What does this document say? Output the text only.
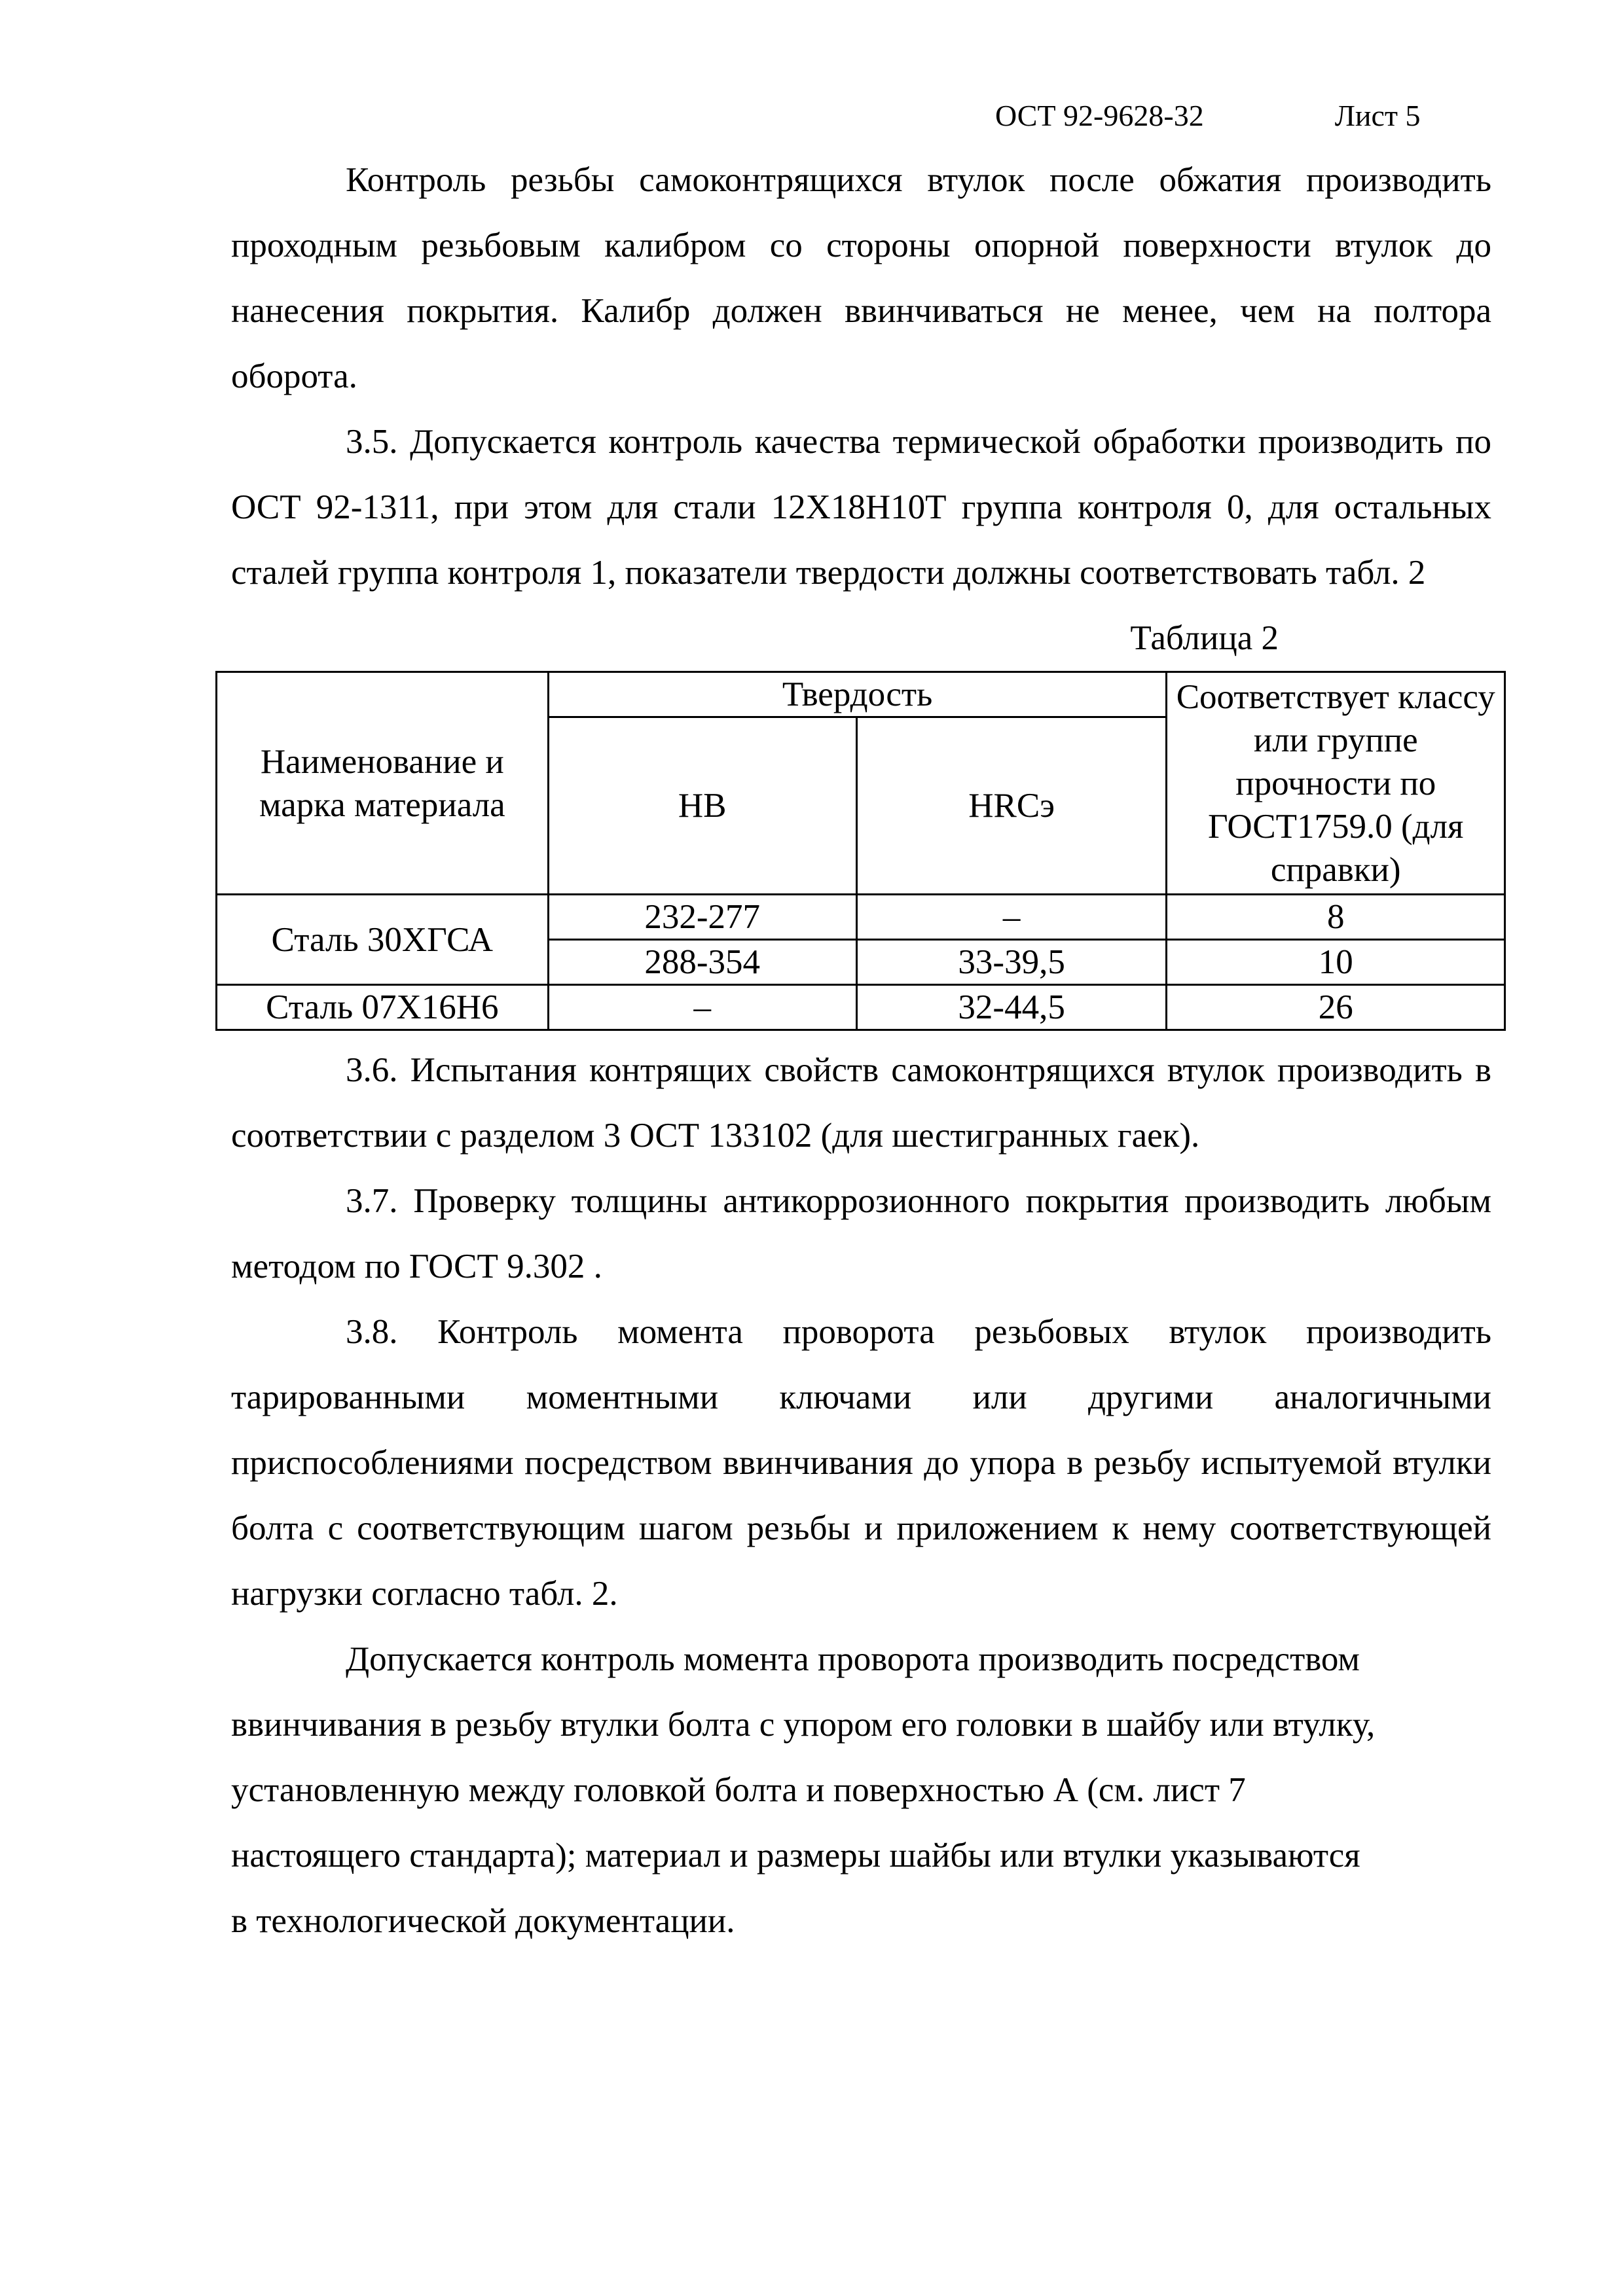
ОСТ 92-9628-32	Лист 5

Контроль резьбы самоконтрящихся втулок после обжатия производить проходным резьбовым калибром со стороны опорной поверхности втулок до нанесения покрытия. Калибр должен ввинчиваться не менее, чем на полтора оборота.

3.5. Допускается контроль качества термической обработки производить по ОСТ 92-1311, при этом для стали 12Х18Н10Т группа контроля 0, для остальных сталей группа контроля 1, показатели твердости должны соответствовать табл. 2

Таблица 2

Наименование и марка материала	Твердость		Соответствует классу или группе прочности по ГОСТ1759.0 (для справки)
	НВ	HRCэ	
Сталь 30ХГСА	232-277	–	8
	288-354	33-39,5	10
Сталь 07Х16Н6	–	32-44,5	26

3.6. Испытания контрящих свойств самоконтрящихся втулок производить в соответствии с разделом 3 ОСТ 133102 (для шестигранных гаек).

3.7. Проверку толщины антикоррозионного покрытия производить любым методом по ГОСТ 9.302 .

3.8. Контроль момента проворота резьбовых втулок производить тарированными моментными ключами или другими аналогичными приспособлениями посредством ввинчивания до упора в резьбу испытуемой втулки болта с соответствующим шагом резьбы и приложением к нему соответствующей нагрузки согласно табл. 2.

Допускается контроль момента проворота производить посредством

ввинчивания в резьбу втулки болта с упором его головки в шайбу или втулку,

установленную между головкой болта и поверхностью А (см. лист 7

настоящего стандарта); материал и размеры шайбы или втулки указываются

в технологической документации.
